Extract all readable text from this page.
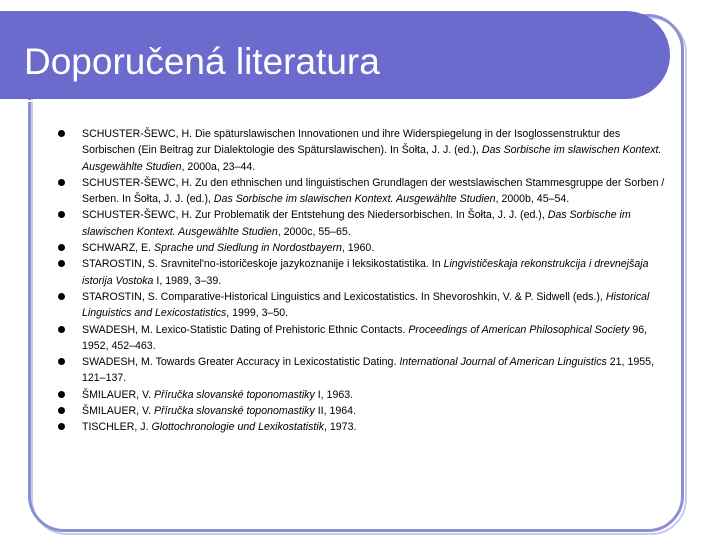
Doporučená literatura
SCHUSTER-ŠEWC, H. Die späturslawischen Innovationen und ihre Widerspiegelung in der Isoglossenstruktur des Sorbischen (Ein Beitrag zur Dialektologie des Späturslawischen). In Šołta, J. J. (ed.), Das Sorbische im slawischen Kontext. Ausgewählte Studien, 2000a, 23–44.
SCHUSTER-ŠEWC, H. Zu den ethnischen und linguistischen Grundlagen der westslawischen Stammesgruppe der Sorben / Serben. In Šołta, J. J. (ed.), Das Sorbische im slawischen Kontext. Ausgewählte Studien, 2000b, 45–54.
SCHUSTER-ŠEWC, H. Zur Problematik der Entstehung des Niedersorbischen. In Šołta, J. J. (ed.), Das Sorbische im slawischen Kontext. Ausgewählte Studien, 2000c, 55–65.
SCHWARZ, E. Sprache und Siedlung in Nordostbayern, 1960.
STAROSTIN, S. Sravnitel'no-istoričeskoje jazykoznanije i leksikostatistika. In Lingvističeskaja rekonstrukcija i drevnejšaja istorija Vostoka I, 1989, 3–39.
STAROSTIN, S. Comparative-Historical Linguistics and Lexicostatistics. In Shevoroshkin, V. & P. Sidwell (eds.), Historical Linguistics and Lexicostatistics, 1999, 3–50.
SWADESH, M. Lexico-Statistic Dating of Prehistoric Ethnic Contacts. Proceedings of American Philosophical Society 96, 1952, 452–463.
SWADESH, M. Towards Greater Accuracy in Lexicostatistic Dating. International Journal of American Linguistics 21, 1955, 121–137.
ŠMILAUER, V. Příručka slovanské toponomastiky I, 1963.
ŠMILAUER, V. Příručka slovanské toponomastiky II, 1964.
TISCHLER, J. Glottochronologie und Lexikostatistik, 1973.
